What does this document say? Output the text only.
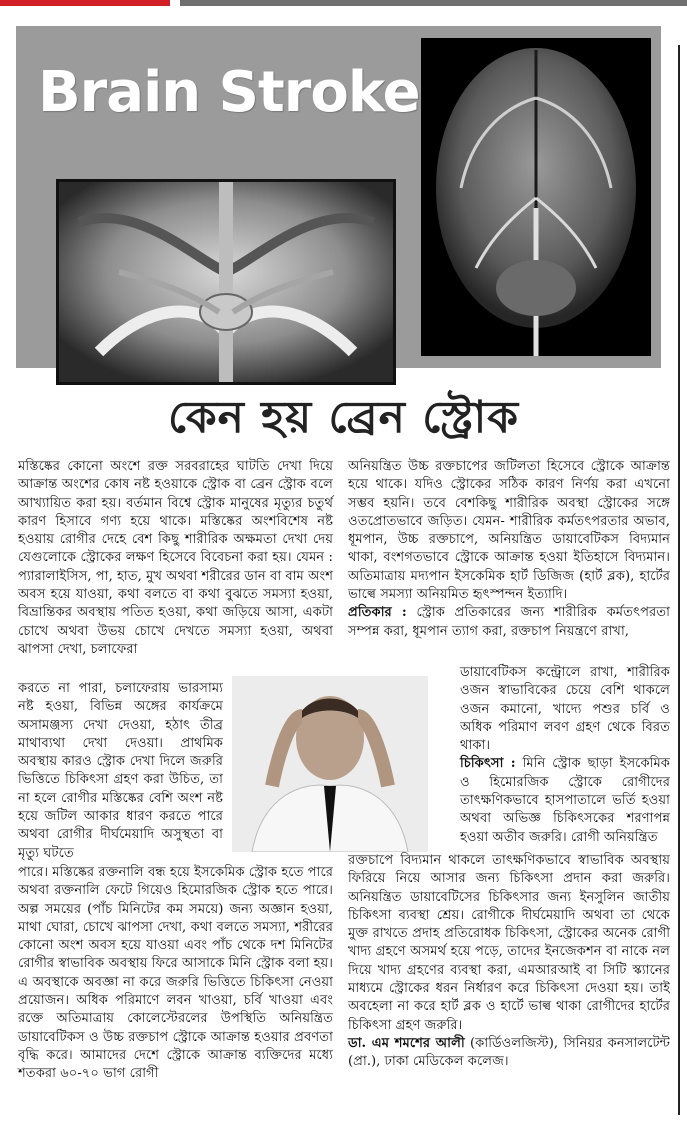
Brain Stroke
কেন হয় ব্রেন স্ট্রোক

মস্তিষ্কের কোনো অংশে রক্ত সরবরাহের ঘাটতি দেখা দিয়ে আক্রান্ত অংশের কোষ নষ্ট হওয়াকে স্ট্রোক বা ব্রেন স্ট্রোক বলে আখ্যায়িত করা হয়। বর্তমান বিশ্বে স্ট্রোক মানুষের মৃত্যুর চতুর্থ কারণ হিসাবে গণ্য হয়ে থাকে। মস্তিষ্কের অংশবিশেষ নষ্ট হওয়ায় রোগীর দেহে বেশ কিছু শারীরিক অক্ষমতা দেখা দেয় যেগুলোকে স্ট্রোকের লক্ষণ হিসেবে বিবেচনা করা হয়। যেমন : প্যারালাইসিস, পা, হাত, মুখ অথবা শরীরের ডান বা বাম অংশ অবস হয়ে যাওয়া, কথা বলতে বা কথা বুঝতে সমস্যা হওয়া, বিভ্রান্তিকর অবস্থায় পতিত হওয়া, কথা জড়িয়ে আসা, একটা চোখে অথবা উভয় চোখে দেখতে সমস্যা হওয়া, অথবা ঝাপসা দেখা, চলাফেরা

করতে না পারা, চলাফেরায় ভারসাম্য নষ্ট হওয়া, বিভিন্ন অঙ্গের কার্যক্রমে অসামঞ্জস্য দেখা দেওয়া, হঠাৎ তীব্র মাথাব্যথা দেখা দেওয়া। প্রাথমিক অবস্থায় কারও স্ট্রোক দেখা দিলে জরুরি ভিত্তিতে চিকিৎসা গ্রহণ করা উচিত, তা না হলে রোগীর মস্তিষ্কের বেশি অংশ নষ্ট হয়ে জটিল আকার ধারণ করতে পারে অথবা রোগীর দীর্ঘমেয়াদি অসুস্থতা বা মৃত্যু ঘটতে
পারে। মস্তিষ্কের রক্তনালি বন্ধ হয়ে ইসকেমিক স্ট্রোক হতে পারে অথবা রক্তনালি ফেটে গিয়েও হিমোরজিক স্ট্রোক হতে পারে। অল্প সময়ের (পাঁচ মিনিটের কম সময়ে) জন্য অজ্ঞান হওয়া, মাথা ঘোরা, চোখে ঝাপসা দেখা, কথা বলতে সমস্যা, শরীরের কোনো অংশ অবস হয়ে যাওয়া এবং পাঁচ থেকে দশ মিনিটের রোগীর স্বাভাবিক অবস্থায় ফিরে আসাকে মিনি স্ট্রোক বলা হয়। এ অবস্থাকে অবজ্ঞা না করে জরুরি ভিত্তিতে চিকিৎসা নেওয়া প্রয়োজন। অধিক পরিমাণে লবন খাওয়া, চর্বি খাওয়া এবং রক্তে অতিমাত্রায় কোলেস্টেরলের উপস্থিতি অনিয়ন্ত্রিত ডায়াবেটিকস ও উচ্চ রক্তচাপ স্ট্রোকে আক্রান্ত হওয়ার প্রবণতা বৃদ্ধি করে। আমাদের দেশে স্ট্রোকে আক্রান্ত ব্যক্তিদের মধ্যে শতকরা ৬০-৭০ ভাগ রোগী

অনিয়ন্ত্রিত উচ্চ রক্তচাপের জটিলতা হিসেবে স্ট্রোকে আক্রান্ত হয়ে থাকে। যদিও স্ট্রোকের সঠিক কারণ নির্ণয় করা এখনো সম্ভব হয়নি। তবে বেশকিছু শারীরিক অবস্থা স্ট্রোকের সঙ্গে ওতপ্রোতভাবে জড়িত। যেমন- শারীরিক কর্মতৎপরতার অভাব, ধূমপান, উচ্চ রক্তচাপে, অনিয়ন্ত্রিত ডায়াবেটিকস বিদ্যমান থাকা, বংশগতভাবে স্ট্রোকে আক্রান্ত হওয়া ইতিহাসে বিদ্যমান। অতিমাত্রায় মদ্যপান ইসকেমিক হার্ট ডিজিজ (হার্ট ব্লক), হার্টের ভাল্বে সমস্যা অনিয়মিত হৃৎস্পন্দন ইত্যাদি।

প্রতিকার : স্ট্রোক প্রতিকারের জন্য শারীরিক কর্মতৎপরতা সম্পন্ন করা, ধূমপান ত্যাগ করা, রক্তচাপ নিয়ন্ত্রণে রাখা,

ডায়াবেটিকস কন্ট্রোলে রাখা, শারীরিক ওজন স্বাভাবিকের চেয়ে বেশি থাকলে ওজন কমানো, খাদ্যে পশুর চর্বি ও অধিক পরিমাণ লবণ গ্রহণ থেকে বিরত থাকা।
চিকিৎসা : মিনি স্ট্রোক ছাড়া ইসকেমিক ও হিমোরজিক স্ট্রোকে রোগীদের তাৎক্ষণিকভাবে হাসপাতালে ভর্তি হওয়া অথবা অভিজ্ঞ চিকিৎসকের শরণাপন্ন হওয়া অতীব জরুরি। রোগী অনিয়ন্ত্রিত
রক্তচাপে বিদ্যমান থাকলে তাৎক্ষণিকভাবে স্বাভাবিক অবস্থায় ফিরিয়ে নিয়ে আসার জন্য চিকিৎসা প্রদান করা জরুরি। অনিয়ন্ত্রিত ডায়াবেটিসের চিকিৎসার জন্য ইনসুলিন জাতীয় চিকিৎসা ব্যবস্থা শ্রেয়। রোগীকে দীর্ঘমেয়াদি অথবা তা থেকে মুক্ত রাখতে প্রদাহ প্রতিরোধক চিকিৎসা, স্ট্রোকের অনেক রোগী খাদ্য গ্রহণে অসমর্থ হয়ে পড়ে, তাদের ইনজেকশন বা নাকে নল দিয়ে খাদ্য গ্রহণের ব্যবস্থা করা, এমআরআই বা সিটি স্ক্যানের মাধ্যমে স্ট্রোকের ধরন নির্ধারণ করে চিকিৎসা দেওয়া হয়। তাই অবহেলা না করে হার্ট ব্লক ও হার্টে ভাল্ব থাকা রোগীদের হার্টের চিকিৎসা গ্রহণ জরুরি।
ডা. এম শমশের আলী (কার্ডিওলজিস্ট), সিনিয়র কনসালটেন্ট (প্রা.), ঢাকা মেডিকেল কলেজ।
